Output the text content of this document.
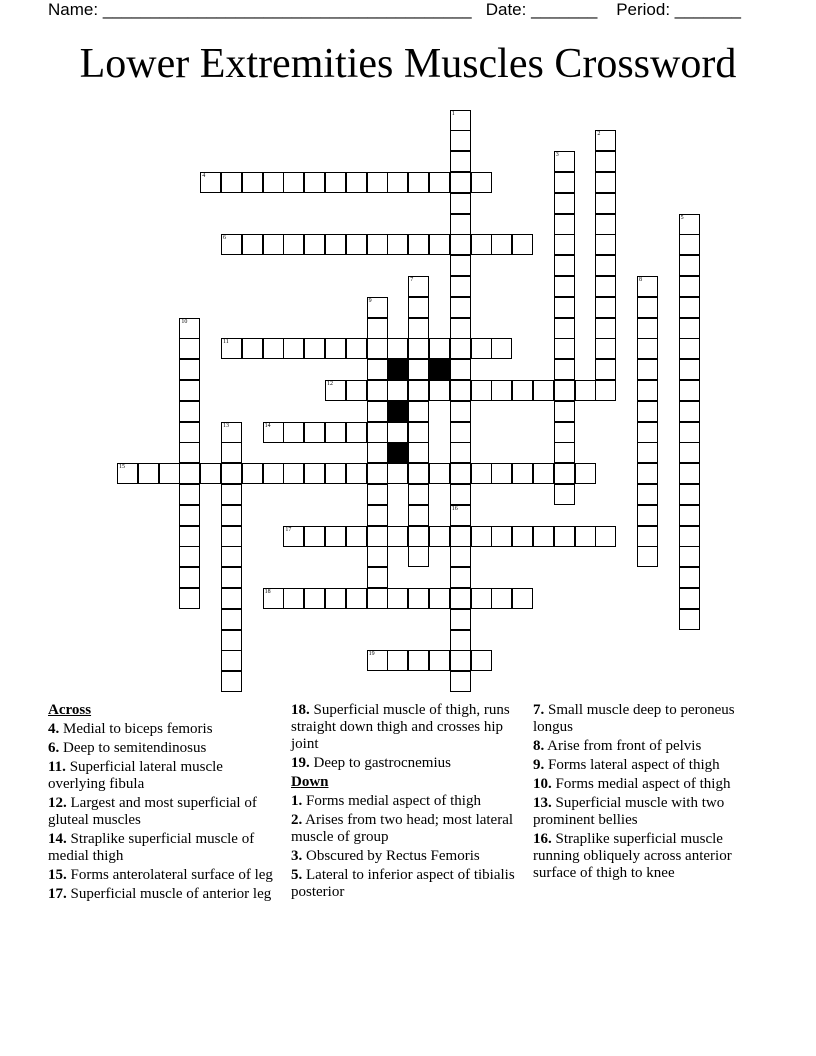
Name: _______________________________________ Date: _______ Period: _______
Lower Extremities Muscles Crossword
1
16
2
3
4
5
6
7	8
9
10
11
12
13	14
15
17
18
19
Across
4. Medial to biceps femoris
6. Deep to semitendinosus
11. Superficial lateral muscle overlying fibula
12. Largest and most superficial of gluteal muscles
14. Straplike superficial muscle of medial thigh
15. Forms anterolateral surface of leg
17. Superficial muscle of anterior leg
18. Superficial muscle of thigh, runs straight down thigh and crosses hip joint
19. Deep to gastrocnemius
Down
1. Forms medial aspect of thigh
2. Arises from two head; most lateral muscle of group
3. Obscured by Rectus Femoris
5. Lateral to inferior aspect of tibialis posterior
7. Small muscle deep to peroneus longus
8. Arise from front of pelvis
9. Forms lateral aspect of thigh
10. Forms medial aspect of thigh
13. Superficial muscle with two prominent bellies
16. Straplike superficial muscle running obliquely across anterior surface of thigh to knee
